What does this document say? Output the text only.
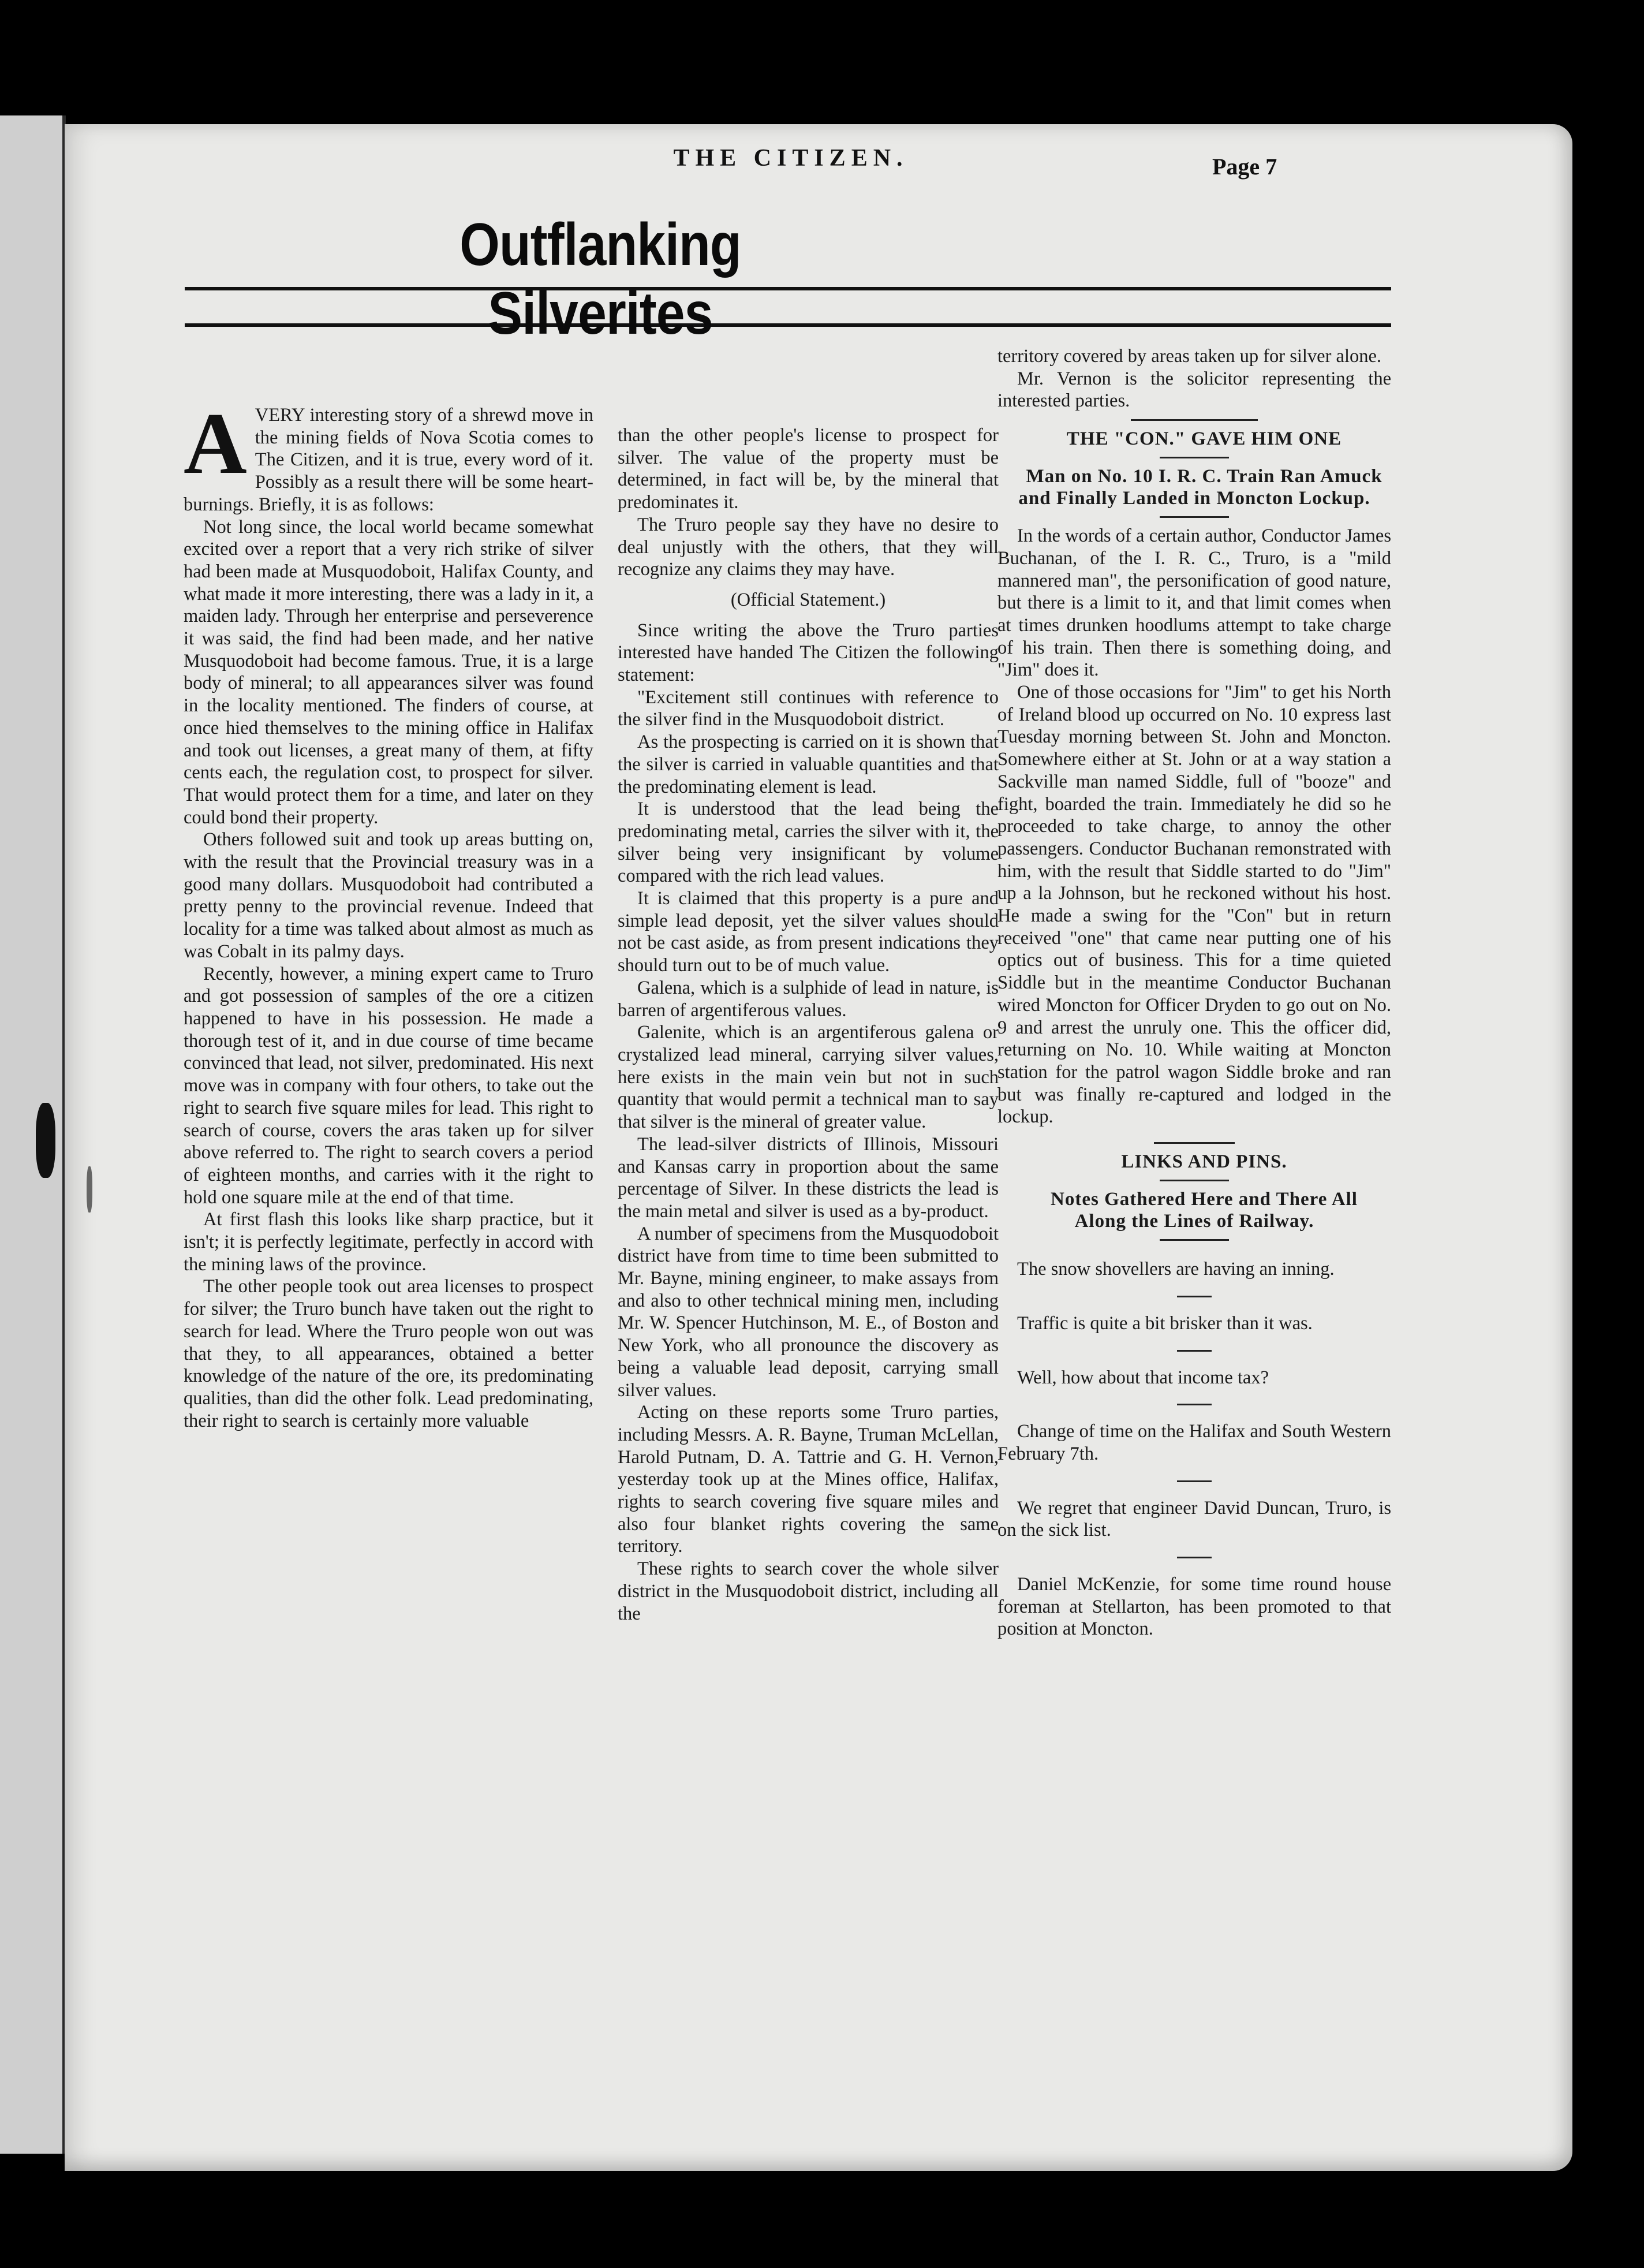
THE CITIZEN.	Page 7
Outflanking Silverites

AVERY interesting story of a shrewd move in the mining fields of Nova Scotia comes to The Citizen, and it is true, every word of it. Possibly as a result there will be some heart-burnings. Briefly, it is as follows:

Not long since, the local world became somewhat excited over a report that a very rich strike of silver had been made at Musquodoboit, Halifax County, and what made it more interesting, there was a lady in it, a maiden lady. Through her enterprise and perseverence it was said, the find had been made, and her native Musquodoboit had become famous. True, it is a large body of mineral; to all appearances silver was found in the locality mentioned. The finders of course, at once hied themselves to the mining office in Halifax and took out licenses, a great many of them, at fifty cents each, the regulation cost, to prospect for silver. That would protect them for a time, and later on they could bond their property.

Others followed suit and took up areas butting on, with the result that the Provincial treasury was in a good many dollars. Musquodoboit had contributed a pretty penny to the provincial revenue. Indeed that locality for a time was talked about almost as much as was Cobalt in its palmy days.

Recently, however, a mining expert came to Truro and got possession of samples of the ore a citizen happened to have in his possession. He made a thorough test of it, and in due course of time became convinced that lead, not silver, predominated. His next move was in company with four others, to take out the right to search five square miles for lead. This right to search of course, covers the aras taken up for silver above referred to. The right to search covers a period of eighteen months, and carries with it the right to hold one square mile at the end of that time.

At first flash this looks like sharp practice, but it isn't; it is perfectly legitimate, perfectly in accord with the mining laws of the province.

The other people took out area licenses to prospect for silver; the Truro bunch have taken out the right to search for lead. Where the Truro people won out was that they, to all appearances, obtained a better knowledge of the nature of the ore, its predominating qualities, than did the other folk. Lead predominating, their right to search is certainly more valuable

than the other people's license to prospect for silver. The value of the property must be determined, in fact will be, by the mineral that predominates it.

The Truro people say they have no desire to deal unjustly with the others, that they will recognize any claims they may have.

(Official Statement.)

Since writing the above the Truro parties interested have handed The Citizen the following statement:

"Excitement still continues with reference to the silver find in the Musquodoboit district.

As the prospecting is carried on it is shown that the silver is carried in valuable quantities and that the predominating element is lead.

It is understood that the lead being the predominating metal, carries the silver with it, the silver being very insignificant by volume compared with the rich lead values.

It is claimed that this property is a pure and simple lead deposit, yet the silver values should not be cast aside, as from present indications they should turn out to be of much value.

Galena, which is a sulphide of lead in nature, is barren of argentiferous values.

Galenite, which is an argentiferous galena or crystalized lead mineral, carrying silver values, here exists in the main vein but not in such quantity that would permit a technical man to say that silver is the mineral of greater value.

The lead-silver districts of Illinois, Missouri and Kansas carry in proportion about the same percentage of Silver. In these districts the lead is the main metal and silver is used as a by-product.

A number of specimens from the Musquodoboit district have from time to time been submitted to Mr. Bayne, mining engineer, to make assays from and also to other technical mining men, including Mr. W. Spencer Hutchinson, M. E., of Boston and New York, who all pronounce the discovery as being a valuable lead deposit, carrying small silver values.

Acting on these reports some Truro parties, including Messrs. A. R. Bayne, Truman McLellan, Harold Putnam, D. A. Tattrie and G. H. Vernon, yesterday took up at the Mines office, Halifax, rights to search covering five square miles and also four blanket rights covering the same territory.

These rights to search cover the whole silver district in the Musquodoboit district, including all the

territory covered by areas taken up for silver alone.

Mr. Vernon is the solicitor representing the interested parties.

THE "CON." GAVE HIM ONE

Man on No. 10 I. R. C. Train Ran Amuck and Finally Landed in Moncton Lockup.

In the words of a certain author, Conductor James Buchanan, of the I. R. C., Truro, is a "mild mannered man", the personification of good nature, but there is a limit to it, and that limit comes when at times drunken hoodlums attempt to take charge of his train. Then there is something doing, and "Jim" does it.

One of those occasions for "Jim" to get his North of Ireland blood up occurred on No. 10 express last Tuesday morning between St. John and Moncton. Somewhere either at St. John or at a way station a Sackville man named Siddle, full of "booze" and fight, boarded the train. Immediately he did so he proceeded to take charge, to annoy the other passengers. Conductor Buchanan remonstrated with him, with the result that Siddle started to do "Jim" up a la Johnson, but he reckoned without his host. He made a swing for the "Con" but in return received "one" that came near putting one of his optics out of business. This for a time quieted Siddle but in the meantime Conductor Buchanan wired Moncton for Officer Dryden to go out on No. 9 and arrest the unruly one. This the officer did, returning on No. 10. While waiting at Moncton station for the patrol wagon Siddle broke and ran but was finally re-captured and lodged in the lockup.

LINKS AND PINS.

Notes Gathered Here and There All Along the Lines of Railway.

The snow shovellers are having an inning.

Traffic is quite a bit brisker than it was.

Well, how about that income tax?

Change of time on the Halifax and South Western February 7th.

We regret that engineer David Duncan, Truro, is on the sick list.

Daniel McKenzie, for some time round house foreman at Stellarton, has been promoted to that position at Moncton.
